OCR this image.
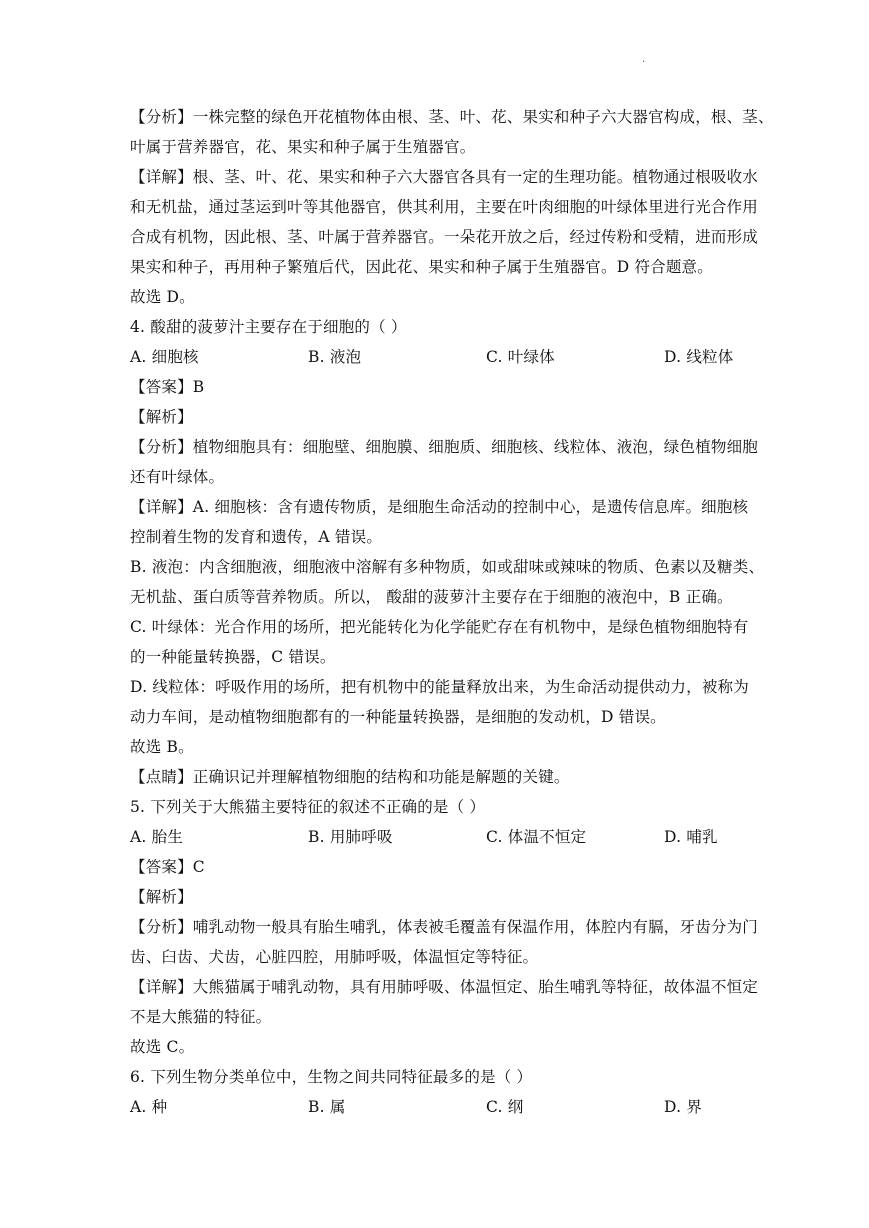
.
【分析】一株完整的绿色开花植物体由根、茎、叶、花、果实和种子六大器官构成，根、茎、
叶属于营养器官，花、果实和种子属于生殖器官。
【详解】根、茎、叶、花、果实和种子六大器官各具有一定的生理功能。植物通过根吸收水
和无机盐，通过茎运到叶等其他器官，供其利用，主要在叶肉细胞的叶绿体里进行光合作用
合成有机物，因此根、茎、叶属于营养器官。一朵花开放之后，经过传粉和受精，进而形成
果实和种子，再用种子繁殖后代，因此花、果实和种子属于生殖器官。D 符合题意。
故选 D。
4. 酸甜的菠萝汁主要存在于细胞的（ ）
A. 细胞核	B. 液泡	C. 叶绿体	D. 线粒体
【答案】B
【解析】
【分析】植物细胞具有：细胞壁、细胞膜、细胞质、细胞核、线粒体、液泡，绿色植物细胞
还有叶绿体。
【详解】A. 细胞核：含有遗传物质，是细胞生命活动的控制中心，是遗传信息库。细胞核
控制着生物的发育和遗传，A 错误。
B. 液泡：内含细胞液，细胞液中溶解有多种物质，如或甜味或辣味的物质、色素以及糖类、
无机盐、蛋白质等营养物质。所以， 酸甜的菠萝汁主要存在于细胞的液泡中，B 正确。
C. 叶绿体：光合作用的场所，把光能转化为化学能贮存在有机物中，是绿色植物细胞特有
的一种能量转换器，C 错误。
D. 线粒体：呼吸作用的场所，把有机物中的能量释放出来，为生命活动提供动力，被称为
动力车间，是动植物细胞都有的一种能量转换器，是细胞的发动机，D 错误。
故选 B。
【点睛】正确识记并理解植物细胞的结构和功能是解题的关键。
5. 下列关于大熊猫主要特征的叙述不正确的是（ ）
A. 胎生	B. 用肺呼吸	C. 体温不恒定	D. 哺乳
【答案】C
【解析】
【分析】哺乳动物一般具有胎生哺乳，体表被毛覆盖有保温作用，体腔内有膈，牙齿分为门
齿、臼齿、犬齿，心脏四腔，用肺呼吸，体温恒定等特征。
【详解】大熊猫属于哺乳动物，具有用肺呼吸、体温恒定、胎生哺乳等特征，故体温不恒定
不是大熊猫的特征。
故选 C。
6. 下列生物分类单位中，生物之间共同特征最多的是（ ）
A. 种	B. 属	C. 纲	D. 界
